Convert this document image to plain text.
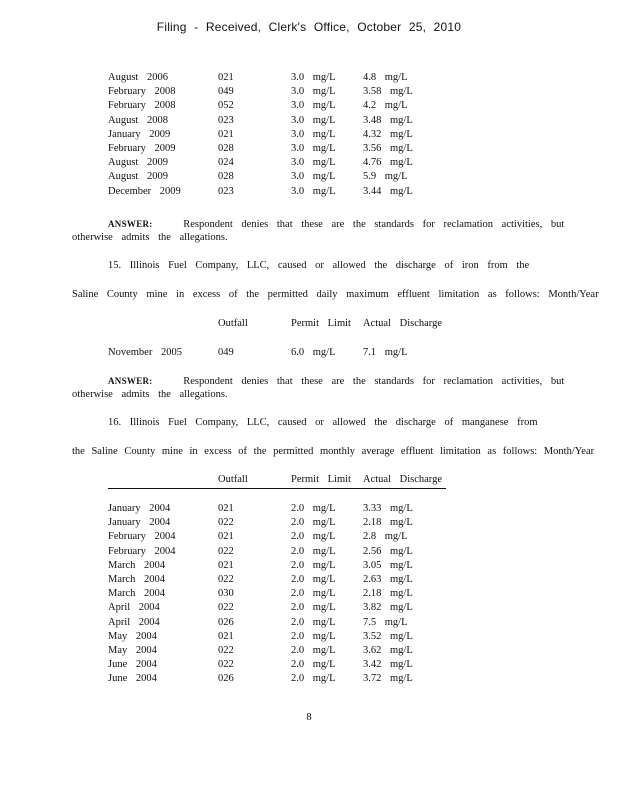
Filing - Received, Clerk's Office, October 25, 2010
August 2006	021	3.0 mg/L	4.8 mg/L
February 2008	049	3.0 mg/L	3.58 mg/L
February 2008	052	3.0 mg/L	4.2 mg/L
August 2008	023	3.0 mg/L	3.48 mg/L
January 2009	021	3.0 mg/L	4.32 mg/L
February 2009	028	3.0 mg/L	3.56 mg/L
August 2009	024	3.0 mg/L	4.76 mg/L
August 2009	028	3.0 mg/L	5.9 mg/L
December 2009	023	3.0 mg/L	3.44 mg/L
ANSWER:	Respondent denies that these are the standards for reclamation activities, but
otherwise admits the allegations.
15. Illinois Fuel Company, LLC, caused or allowed the discharge of iron from the
Saline County mine in excess of the permitted daily maximum effluent limitation as follows: Month/Year
Outfall	Permit Limit Actual Discharge
November 2005	049	6.0 mg/L	7.1 mg/L
ANSWER:	Respondent denies that these are the standards for reclamation activities, but
otherwise admits the allegations.
16. Illinois Fuel Company, LLC, caused or allowed the discharge of manganese from
the Saline County mine in excess of the permitted monthly average effluent limitation as follows: Month/Year
Outfall	Permit Limit Actual Discharge
January 2004	021	2.0 mg/L	3.33 mg/L
January 2004	022	2.0 mg/L	2.18 mg/L
February 2004	021	2.0 mg/L	2.8 mg/L
February 2004	022	2.0 mg/L	2.56 mg/L
March 2004	021	2.0 mg/L	3.05 mg/L
March 2004	022	2.0 mg/L	2.63 mg/L
March 2004	030	2.0 mg/L	2.18 mg/L
April 2004	022	2.0 mg/L	3.82 mg/L
April 2004	026	2.0 mg/L	7.5 mg/L
May 2004	021	2.0 mg/L	3.52 mg/L
May 2004	022	2.0 mg/L	3.62 mg/L
June 2004	022	2.0 mg/L	3.42 mg/L
June 2004	026	2.0 mg/L	3.72 mg/L
8
